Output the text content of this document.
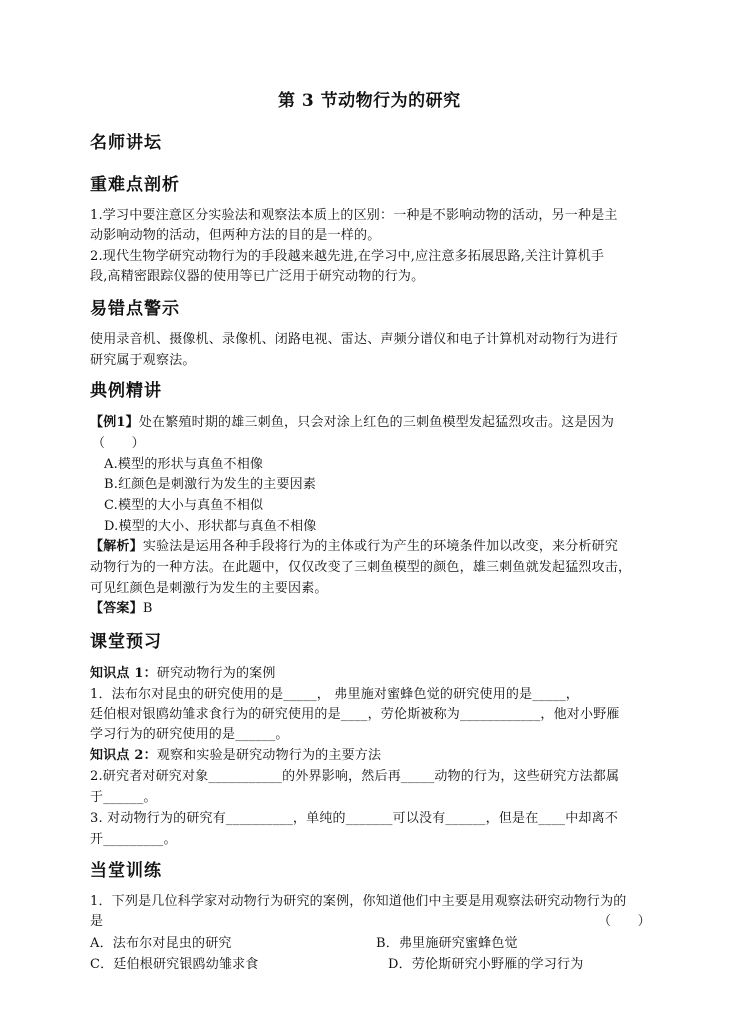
第 3 节动物行为的研究
名师讲坛
重难点剖析
1.学习中要注意区分实验法和观察法本质上的区别：一种是不影响动物的活动，另一种是主
动影响动物的活动，但两种方法的目的是一样的。
2.现代生物学研究动物行为的手段越来越先进,在学习中,应注意多拓展思路,关注计算机手
段,高精密跟踪仪器的使用等已广泛用于研究动物的行为。
易错点警示
使用录音机、摄像机、录像机、闭路电视、雷达、声频分谱仪和电子计算机对动物行为进行
研究属于观察法。
典例精讲
【例1】处在繁殖时期的雄三刺鱼，只会对涂上红色的三刺鱼模型发起猛烈攻击。这是因为
（　　）
A.模型的形状与真鱼不相像
B.红颜色是刺激行为发生的主要因素
C.模型的大小与真鱼不相似
D.模型的大小、形状都与真鱼不相像
【解析】实验法是运用各种手段将行为的主体或行为产生的环境条件加以改变，来分析研究
动物行为的一种方法。在此题中，仅仅改变了三刺鱼模型的颜色，雄三刺鱼就发起猛烈攻击，
可见红颜色是刺激行为发生的主要因素。
【答案】B
课堂预习
知识点 1：研究动物行为的案例
1．法布尔对昆虫的研究使用的是_____， 弗里施对蜜蜂色觉的研究使用的是_____，
廷伯根对银鸥幼雏求食行为的研究使用的是____，劳伦斯被称为____________，他对小野雁
学习行为的研究使用的是______。
知识点 2：观察和实验是研究动物行为的主要方法
2.研究者对研究对象___________的外界影响，然后再_____动物的行为，这些研究方法都属
于______。
3. 对动物行为的研究有__________，单纯的_______可以没有______，但是在____中却离不
开_________。
当堂训练
1．下列是几位科学家对动物行为研究的案例，你知道他们中主要是用观察法研究动物行为的
是	（　　）
A．法布尔对昆虫的研究	B．弗里施研究蜜蜂色觉
C．廷伯根研究银鸥幼雏求食	D．劳伦斯研究小野雁的学习行为
